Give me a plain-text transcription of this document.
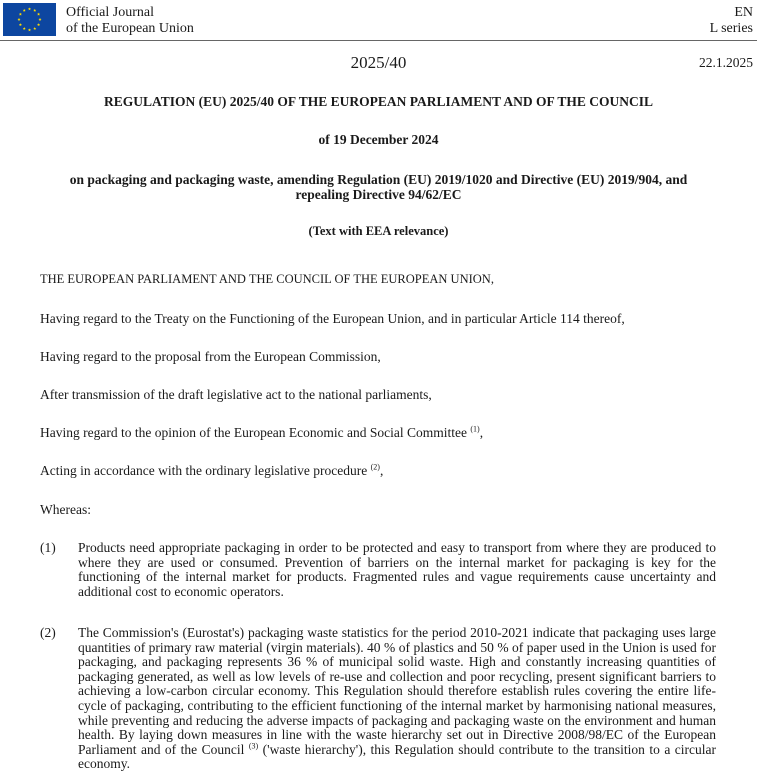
Official Journal
of the European Union
EN
L series
2025/40	22.1.2025
REGULATION (EU) 2025/40 OF THE EUROPEAN PARLIAMENT AND OF THE COUNCIL
of 19 December 2024
on packaging and packaging waste, amending Regulation (EU) 2019/1020 and Directive (EU) 2019/904, and repealing Directive 94/62/EC
(Text with EEA relevance)
THE EUROPEAN PARLIAMENT AND THE COUNCIL OF THE EUROPEAN UNION,
Having regard to the Treaty on the Functioning of the European Union, and in particular Article 114 thereof,
Having regard to the proposal from the European Commission,
After transmission of the draft legislative act to the national parliaments,
Having regard to the opinion of the European Economic and Social Committee $^{(1)}$,
Acting in accordance with the ordinary legislative procedure $^{(2)}$,
Whereas:
(1) Products need appropriate packaging in order to be protected and easy to transport from where they are produced to where they are used or consumed. Prevention of barriers on the internal market for packaging is key for the functioning of the internal market for products. Fragmented rules and vague requirements cause uncertainty and additional cost to economic operators.
(2) The Commission's (Eurostat's) packaging waste statistics for the period 2010-2021 indicate that packaging uses large quantities of primary raw material (virgin materials). 40 % of plastics and 50 % of paper used in the Union is used for packaging, and packaging represents 36 % of municipal solid waste. High and constantly increasing quantities of packaging generated, as well as low levels of re-use and collection and poor recycling, present significant barriers to achieving a low-carbon circular economy. This Regulation should therefore establish rules covering the entire life-cycle of packaging, contributing to the efficient functioning of the internal market by harmonising national measures, while preventing and reducing the adverse impacts of packaging and packaging waste on the environment and human health. By laying down measures in line with the waste hierarchy set out in Directive 2008/98/EC of the European Parliament and of the Council $^{(3)}$ ('waste hierarchy'), this Regulation should contribute to the transition to a circular economy.
